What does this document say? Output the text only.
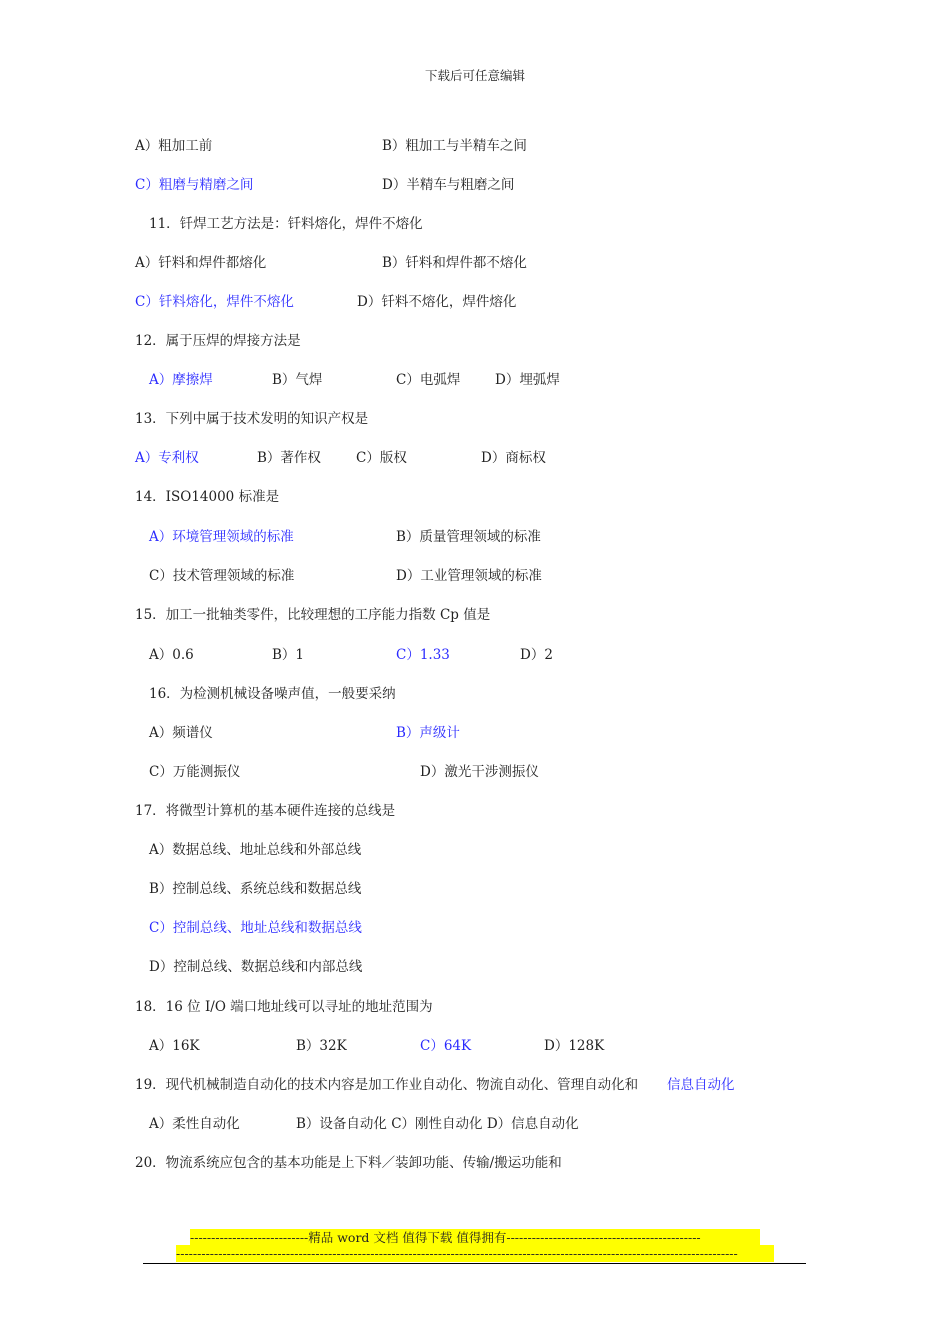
下载后可任意编辑
A）粗加工前	B）粗加工与半精车之间
C）粗磨与精磨之间	D）半精车与粗磨之间
11．钎焊工艺方法是：钎料熔化，焊件不熔化
A）钎料和焊件都熔化	B）钎料和焊件都不熔化
C）钎料熔化，焊件不熔化	D）钎料不熔化，焊件熔化
12．属于压焊的焊接方法是
A）摩擦焊	B）气焊	C）电弧焊	D）埋弧焊
13．下列中属于技术发明的知识产权是
A）专利权	B）著作权	C）版权	D）商标权
14．ISO14000 标准是
A）环境管理领域的标准	B）质量管理领域的标准
C）技术管理领域的标准	D）工业管理领域的标准
15．加工一批轴类零件，比较理想的工序能力指数 Cp 值是
A）0.6	B）1	C）1.33	D）2
16．为检测机械设备噪声值，一般要采纳
A）频谱仪	B）声级计
C）万能测振仪	D）激光干涉测振仪
17．将微型计算机的基本硬件连接的总线是
A）数据总线、地址总线和外部总线
B）控制总线、系统总线和数据总线
C）控制总线、地址总线和数据总线
D）控制总线、数据总线和内部总线
18．16 位 I/O 端口地址线可以寻址的地址范围为
A）16K	B）32K	C）64K	D）128K
19．现代机械制造自动化的技术内容是加工作业自动化、物流自动化、管理自动化和 信息自动化
A）柔性自动化	B）设备自动化 C）刚性自动化 D）信息自动化
20．物流系统应包含的基本功能是上下料／装卸功能、传输/搬运功能和
----------------------------精品 word 文档 值得下载 值得拥有----------------------------------------------
-------------------------------------------------------------------------------------------------------------------------------------
